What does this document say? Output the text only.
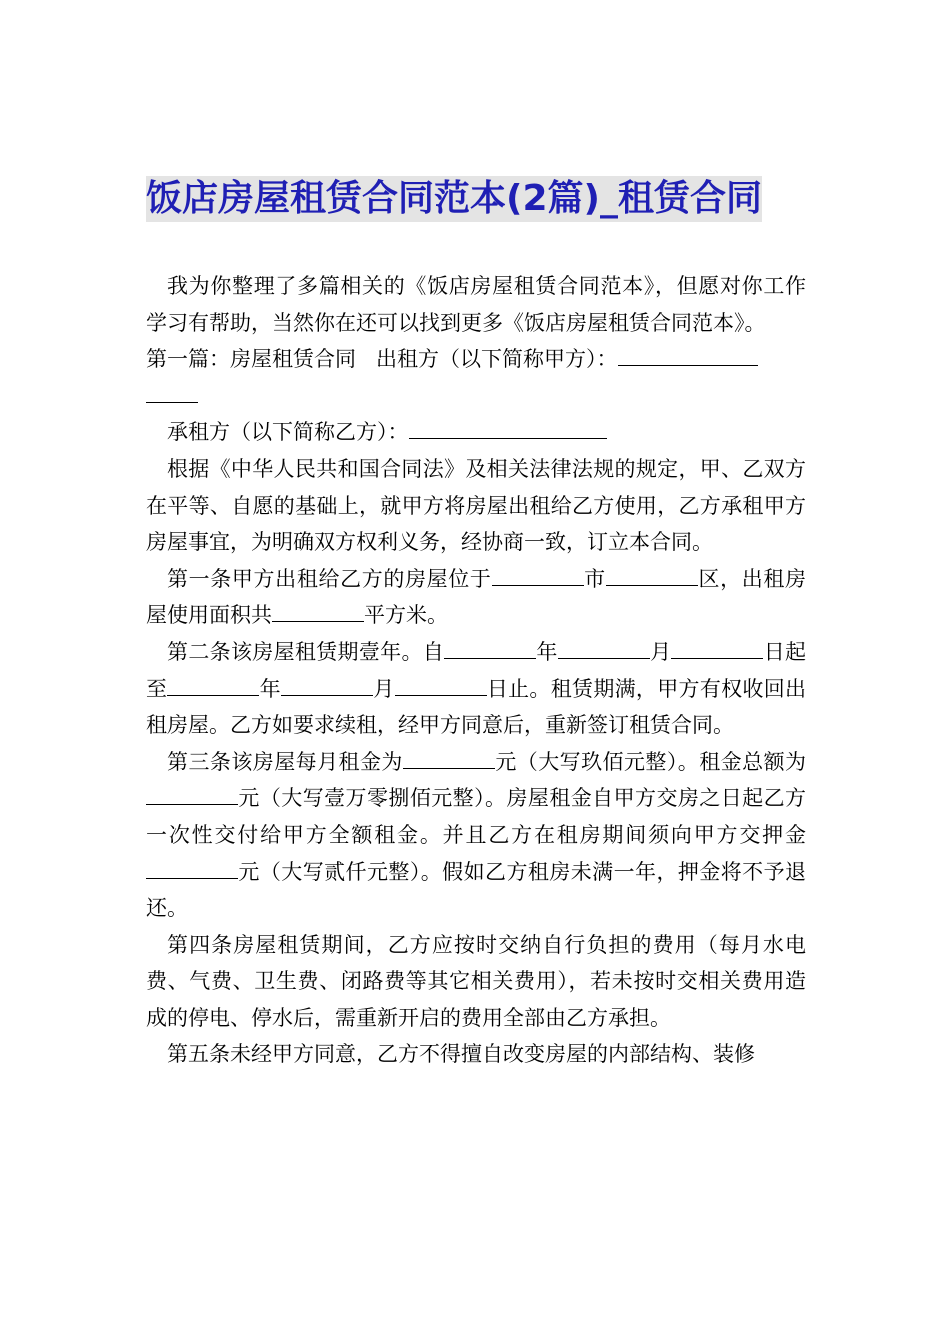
饭店房屋租赁合同范本(2篇)_租赁合同

我为你整理了多篇相关的《饭店房屋租赁合同范本》，但愿对你工作学习有帮助，当然你在还可以找到更多《饭店房屋租赁合同范本》。

第一篇：房屋租赁合同 出租方（以下简称甲方）：

承租方（以下简称乙方）：

根据《中华人民共和国合同法》及相关法律法规的规定，甲、乙双方在平等、自愿的基础上，就甲方将房屋出租给乙方使用，乙方承租甲方房屋事宜，为明确双方权利义务，经协商一致，订立本合同。

第一条甲方出租给乙方的房屋位于	市	区，出租房屋使用面积共	平方米。

第二条该房屋租赁期壹年。自	年	月	日起至	年	月	日止。租赁期满，甲方有权收回出租房屋。乙方如要求续租，经甲方同意后，重新签订租赁合同。

第三条该房屋每月租金为	元（大写玖佰元整）。租金总额为元（大写壹万零捌佰元整）。房屋租金自甲方交房之日起乙方一次性交付给甲方全额租金。并且乙方在租房期间须向甲方交押金元（大写贰仟元整）。假如乙方租房未满一年，押金将不予退还。

第四条房屋租赁期间，乙方应按时交纳自行负担的费用（每月水电费、气费、卫生费、闭路费等其它相关费用），若未按时交相关费用造成的停电、停水后，需重新开启的费用全部由乙方承担。

第五条未经甲方同意，乙方不得擅自改变房屋的内部结构、装修
